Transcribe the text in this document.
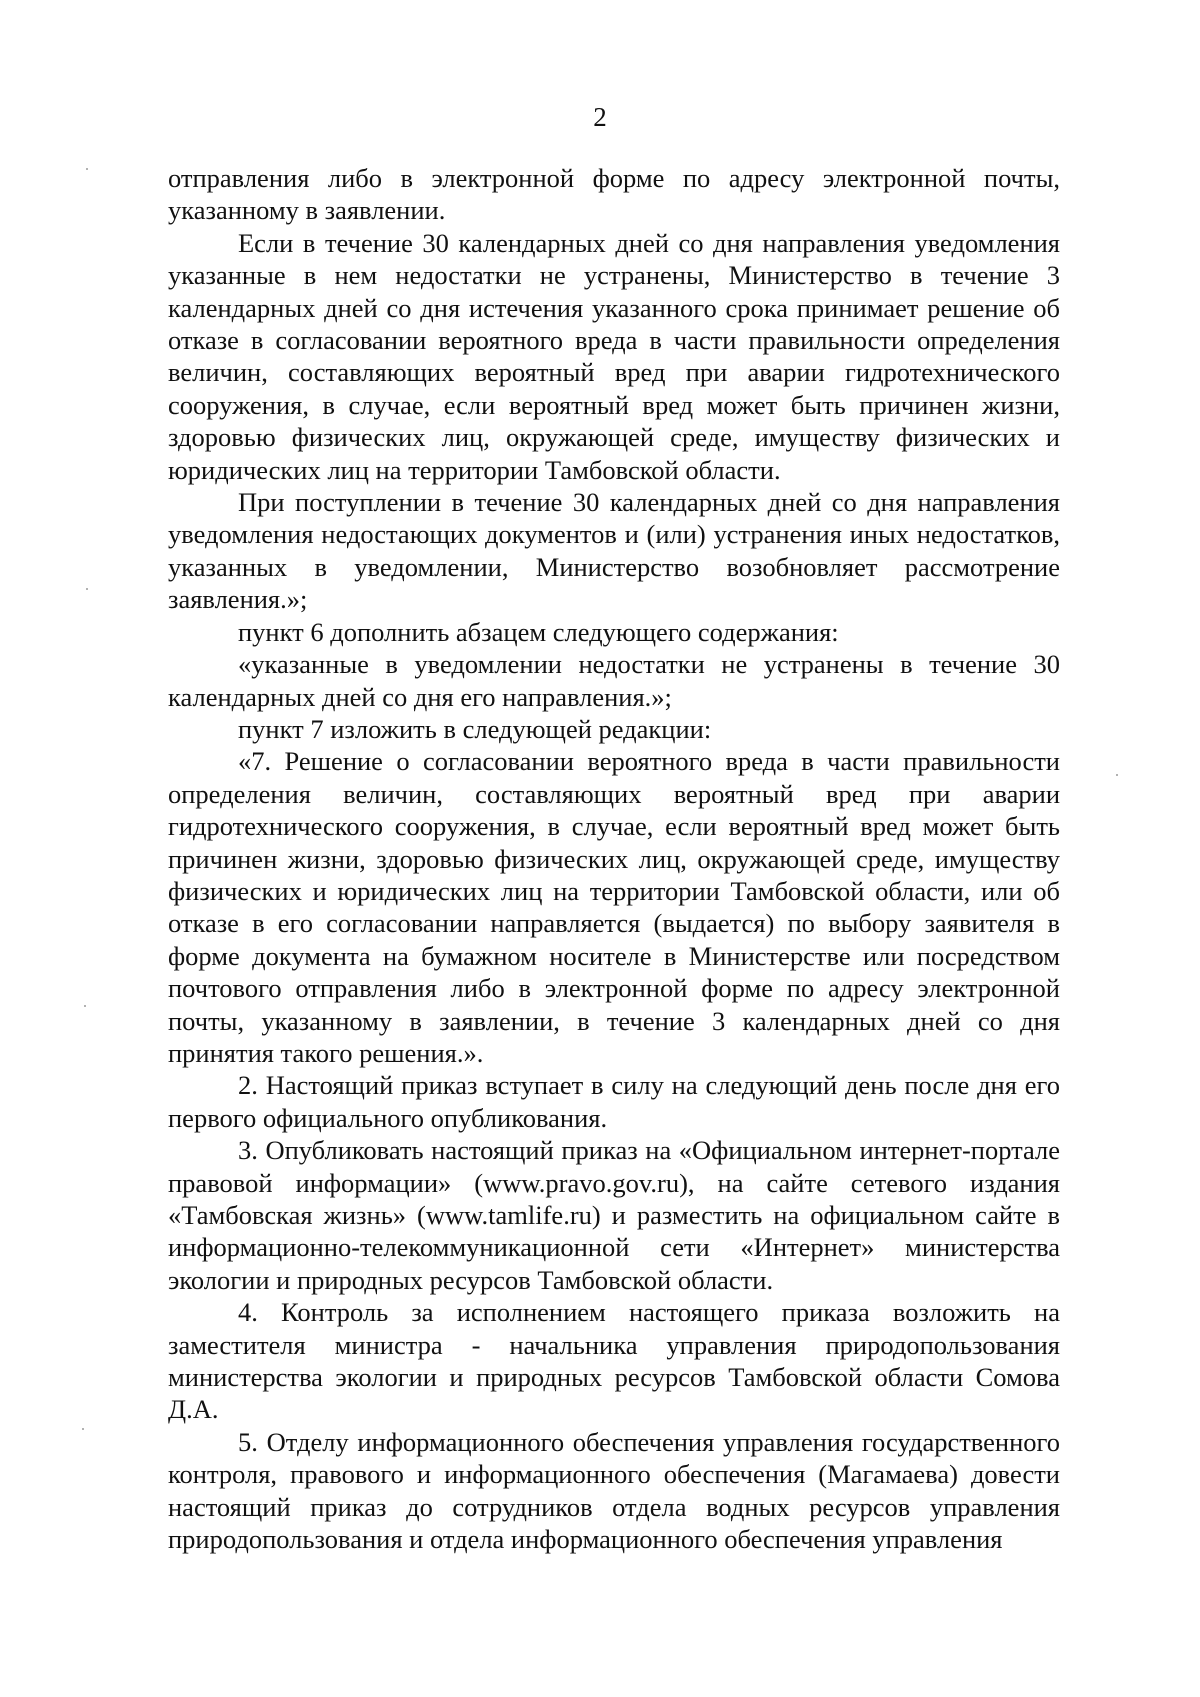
2

отправления либо в электронной форме по адресу электронной почты, указанному в заявлении.

Если в течение 30 календарных дней со дня направления уведомления указанные в нем недостатки не устранены, Министерство в течение 3 календарных дней со дня истечения указанного срока принимает решение об отказе в согласовании вероятного вреда в части правильности определения величин, составляющих вероятный вред при аварии гидротехнического сооружения, в случае, если вероятный вред может быть причинен жизни, здоровью физических лиц, окружающей среде, имуществу физических и юридических лиц на территории Тамбовской области.

При поступлении в течение 30 календарных дней со дня направления уведомления недостающих документов и (или) устранения иных недостатков, указанных в уведомлении, Министерство возобновляет рассмотрение заявления.»;

пункт 6 дополнить абзацем следующего содержания:

«указанные в уведомлении недостатки не устранены в течение 30 календарных дней со дня его направления.»;

пункт 7 изложить в следующей редакции:

«7. Решение о согласовании вероятного вреда в части правильности определения величин, составляющих вероятный вред при аварии гидротехнического сооружения, в случае, если вероятный вред может быть причинен жизни, здоровью физических лиц, окружающей среде, имуществу физических и юридических лиц на территории Тамбовской области, или об отказе в его согласовании направляется (выдается) по выбору заявителя в форме документа на бумажном носителе в Министерстве или посредством почтового отправления либо в электронной форме по адресу электронной почты, указанному в заявлении, в течение 3 календарных дней со дня принятия такого решения.».

2. Настоящий приказ вступает в силу на следующий день после дня его первого официального опубликования.

3. Опубликовать настоящий приказ на «Официальном интернет-портале правовой информации» (www.pravo.gov.ru), на сайте сетевого издания «Тамбовская жизнь» (www.tamlife.ru) и разместить на официальном сайте в информационно-телекоммуникационной сети «Интернет» министерства экологии и природных ресурсов Тамбовской области.

4. Контроль за исполнением настоящего приказа возложить на заместителя министра - начальника управления природопользования министерства экологии и природных ресурсов Тамбовской области Сомова Д.А.

5. Отделу информационного обеспечения управления государственного контроля, правового и информационного обеспечения (Магамаева) довести настоящий приказ до сотрудников отдела водных ресурсов управления природопользования и отдела информационного обеспечения управления
